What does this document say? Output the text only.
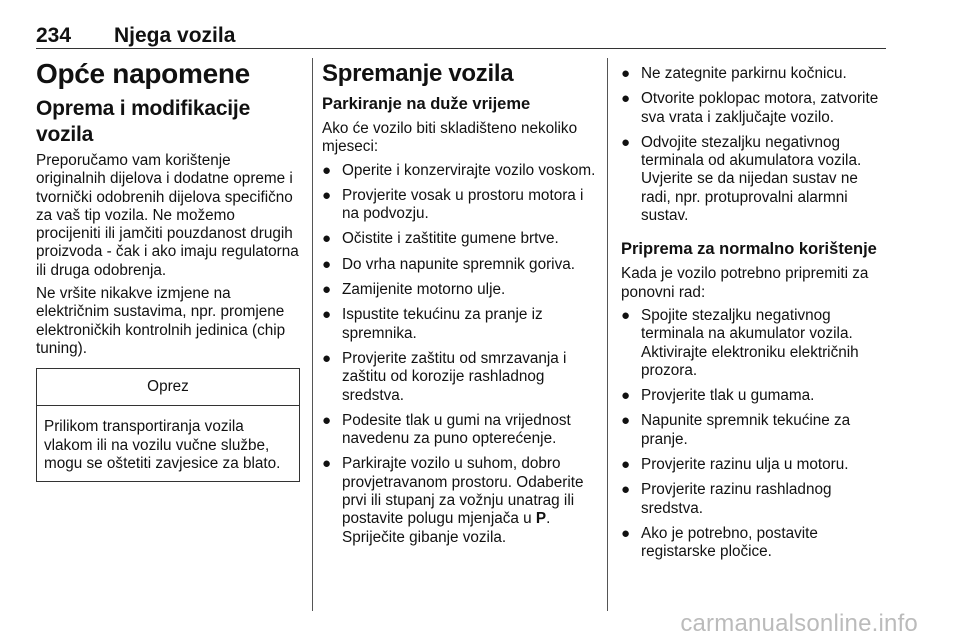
234 Njega vozila
Opće napomene
Oprema i modifikacije vozila

Preporučamo vam korištenje originalnih dijelova i dodatne opreme i tvornički odobrenih dijelova specifično za vaš tip vozila. Ne možemo procijeniti ili jamčiti pouzdanost drugih proizvoda - čak i ako imaju regulatorna ili druga odobrenja.

Ne vršite nikakve izmjene na električnim sustavima, npr. promjene elektroničkih kontrolnih jedinica (chip tuning).

Oprez
Prilikom transportiranja vozila vlakom ili na vozilu vučne službe, mogu se oštetiti zavjesice za blato.
Spremanje vozila
Parkiranje na duže vrijeme

Ako će vozilo biti skladišteno nekoliko mjeseci:

● Operite i konzervirajte vozilo voskom.
● Provjerite vosak u prostoru motora i na podvozju.
● Očistite i zaštitite gumene brtve.
● Do vrha napunite spremnik goriva.
● Zamijenite motorno ulje.
● Ispustite tekućinu za pranje iz spremnika.
● Provjerite zaštitu od smrzavanja i zaštitu od korozije rashladnog sredstva.
● Podesite tlak u gumi na vrijednost navedenu za puno opterećenje.
● Parkirajte vozilo u suhom, dobro provjetravanom prostoru. Odaberite prvi ili stupanj za vožnju unatrag ili postavite polugu mjenjača u P. Spriječite gibanje vozila.
● Ne zategnite parkirnu kočnicu.
● Otvorite poklopac motora, zatvorite sva vrata i zaključajte vozilo.
● Odvojite stezaljku negativnog terminala od akumulatora vozila. Uvjerite se da nijedan sustav ne radi, npr. protuprovalni alarmni sustav.
Priprema za normalno korištenje

Kada je vozilo potrebno pripremiti za ponovni rad:

● Spojite stezaljku negativnog terminala na akumulator vozila. Aktivirajte elektroniku električnih prozora.
● Provjerite tlak u gumama.
● Napunite spremnik tekućine za pranje.
● Provjerite razinu ulja u motoru.
● Provjerite razinu rashladnog sredstva.
● Ako je potrebno, postavite registarske pločice.
carmanualsonline.info
